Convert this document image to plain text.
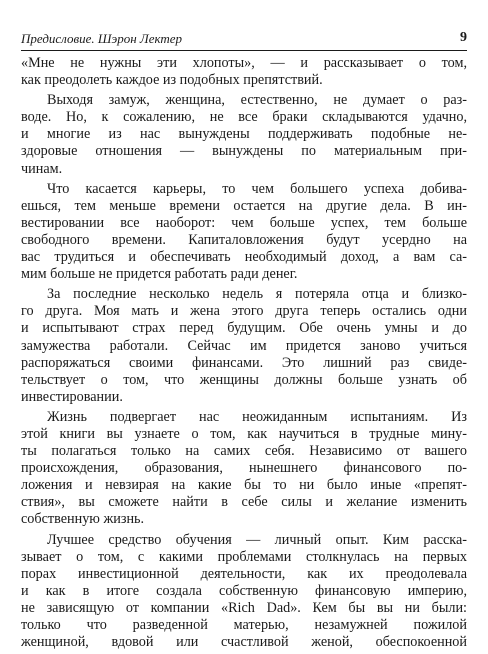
Предисловие. Шэрон Лектер	9
«Мне не нужны эти хлопоты», — и рассказывает о том,
как преодолеть каждое из подобных препятствий.
Выходя замуж, женщина, естественно, не думает о раз-
воде. Но, к сожалению, не все браки складываются удачно,
и многие из нас вынуждены поддерживать подобные не-
здоровые отношения — вынуждены по материальным при-
чинам.
Что касается карьеры, то чем большего успеха добива-
ешься, тем меньше времени остается на другие дела. В ин-
вестировании все наоборот: чем больше успех, тем больше
свободного времени. Капиталовложения будут усердно на
вас трудиться и обеспечивать необходимый доход, а вам са-
мим больше не придется работать ради денег.
За последние несколько недель я потеряла отца и близко-
го друга. Моя мать и жена этого друга теперь остались одни
и испытывают страх перед будущим. Обе очень умны и до
замужества работали. Сейчас им придется заново учиться
распоряжаться своими финансами. Это лишний раз свиде-
тельствует о том, что женщины должны больше узнать об
инвестировании.
Жизнь подвергает нас неожиданным испытаниям. Из
этой книги вы узнаете о том, как научиться в трудные мину-
ты полагаться только на самих себя. Независимо от вашего
происхождения, образования, нынешнего финансового по-
ложения и невзирая на какие бы то ни было иные «препят-
ствия», вы сможете найти в себе силы и желание изменить
собственную жизнь.
Лучшее средство обучения — личный опыт. Ким расска-
зывает о том, с какими проблемами столкнулась на первых
порах инвестиционной деятельности, как их преодолевала
и как в итоге создала собственную финансовую империю,
не зависящую от компании «Rich Dad». Кем бы вы ни были:
только что разведенной матерью, незамужней пожилой
женщиной, вдовой или счастливой женой, обеспокоенной
